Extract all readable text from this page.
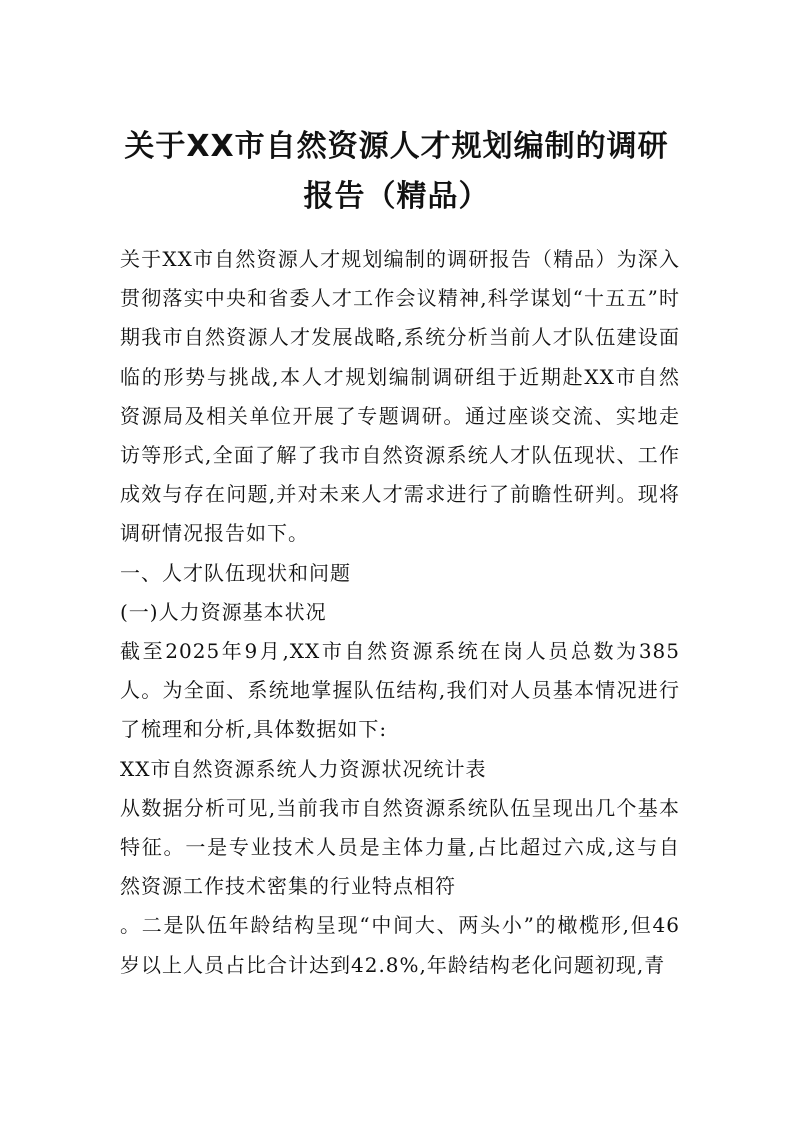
关于XX市自然资源人才规划编制的调研报告（精品）

关于XX市自然资源人才规划编制的调研报告（精品）为深入贯彻落实中央和省委人才工作会议精神,科学谋划“十五五”时期我市自然资源人才发展战略,系统分析当前人才队伍建设面临的形势与挑战,本人才规划编制调研组于近期赴XX市自然资源局及相关单位开展了专题调研。通过座谈交流、实地走访等形式,全面了解了我市自然资源系统人才队伍现状、工作成效与存在问题,并对未来人才需求进行了前瞻性研判。现将调研情况报告如下。

一、人才队伍现状和问题

(一)人力资源基本状况

截至2025年9月,XX市自然资源系统在岗人员总数为385人。为全面、系统地掌握队伍结构,我们对人员基本情况进行了梳理和分析,具体数据如下:

XX市自然资源系统人力资源状况统计表

从数据分析可见,当前我市自然资源系统队伍呈现出几个基本特征。一是专业技术人员是主体力量,占比超过六成,这与自然资源工作技术密集的行业特点相符

。二是队伍年龄结构呈现“中间大、两头小”的橄榄形,但46岁以上人员占比合计达到42.8%,年龄结构老化问题初现,青
